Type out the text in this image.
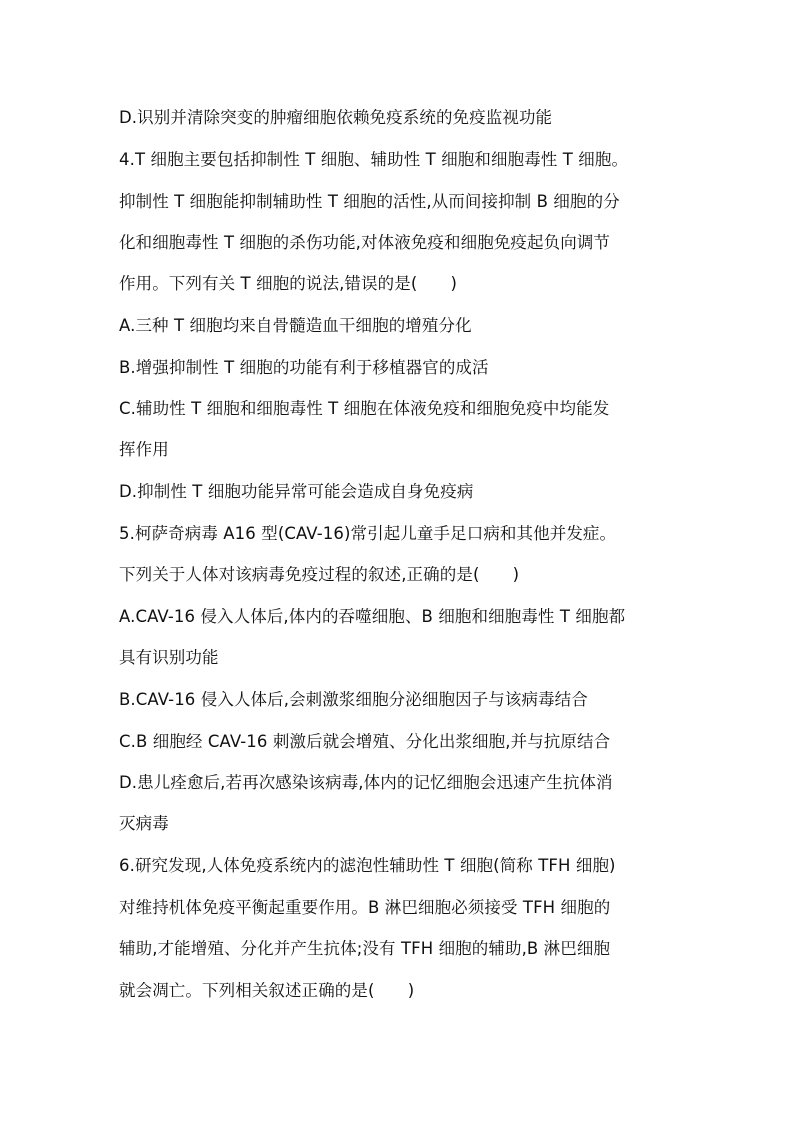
D.识别并清除突变的肿瘤细胞依赖免疫系统的免疫监视功能
4.T 细胞主要包括抑制性 T 细胞、辅助性 T 细胞和细胞毒性 T 细胞。
抑制性 T 细胞能抑制辅助性 T 细胞的活性,从而间接抑制 B 细胞的分
化和细胞毒性 T 细胞的杀伤功能,对体液免疫和细胞免疫起负向调节
作用。下列有关 T 细胞的说法,错误的是(　　)
A.三种 T 细胞均来自骨髓造血干细胞的增殖分化
B.增强抑制性 T 细胞的功能有利于移植器官的成活
C.辅助性 T 细胞和细胞毒性 T 细胞在体液免疫和细胞免疫中均能发
挥作用
D.抑制性 T 细胞功能异常可能会造成自身免疫病
5.柯萨奇病毒 A16 型(CAV-16)常引起儿童手足口病和其他并发症。
下列关于人体对该病毒免疫过程的叙述,正确的是(　　)
A.CAV-16 侵入人体后,体内的吞噬细胞、B 细胞和细胞毒性 T 细胞都
具有识别功能
B.CAV-16 侵入人体后,会刺激浆细胞分泌细胞因子与该病毒结合
C.B 细胞经 CAV-16 刺激后就会增殖、分化出浆细胞,并与抗原结合
D.患儿痊愈后,若再次感染该病毒,体内的记忆细胞会迅速产生抗体消
灭病毒
6.研究发现,人体免疫系统内的滤泡性辅助性 T 细胞(简称 TFH 细胞)
对维持机体免疫平衡起重要作用。B 淋巴细胞必须接受 TFH 细胞的
辅助,才能增殖、分化并产生抗体;没有 TFH 细胞的辅助,B 淋巴细胞
就会凋亡。下列相关叙述正确的是(　　)
